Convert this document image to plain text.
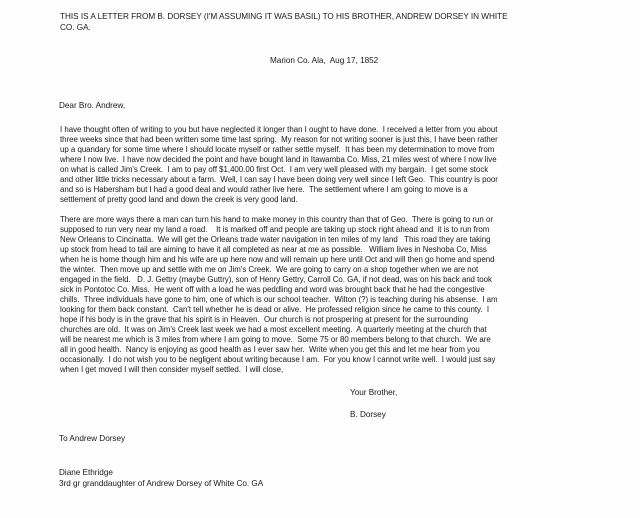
THIS IS A LETTER FROM B. DORSEY (I'M ASSUMING IT WAS BASIL) TO HIS BROTHER, ANDREW DORSEY IN WHITE
CO. GA.
Marion Co. Ala,  Aug 17, 1852
Dear Bro. Andrew,
I have thought often of writing to you but have neglected it longer than I ought to have done.  I received a letter from you about
three weeks since that had been written some time last spring.  My reason for not writing sooner is just this, I have been rather
up a quandary for some time where I should locate myself or rather settle myself.  It has been my determination to move from
where I now live.  I have now decided the point and have bought land in Itawamba Co. Miss, 21 miles west of where I now live
on what is called Jim's Creek.  I am to pay off $1,400.00 first Oct.  I am very well pleased with my bargain.  I get some stock
and other little tricks necessary about a farm.  Well, I can say I have been doing very well since I left Geo.  This country is poor
and so is Habersham but I had a good deal and would rather live here.  The settlement where I am going to move is a
settlement of pretty good land and down the creek is very good land.
There are more ways there a man can turn his hand to make money in this country than that of Geo.  There is going to run or
supposed to run very near my land a road.    It is marked off and people are taking up stock right ahead and  it is to run from
New Orleans to Cincinatta.  We will get the Orleans trade water navigation in ten miles of my land   This road they are taking
up stock from head to tail are aiming to have it all completed as near at me as possible.   William lives in Neshoba Co, Miss
when he is home though him and his wife are up here now and will remain up here until Oct and will then go home and spend
the winter.  Then move up and settle with me on Jim's Creek.  We are going to carry on a shop together when we are not
engaged in the field.   D. J. Gettry (maybe Guttry), son of Henry Gettry, Carroll Co. GA, if not dead, was on his back and took
sick in Pontotoc Co. Miss.  He went off with a load he was peddling and word was brought back that he had the congestive
chills.  Three individuals have gone to him, one of which is our school teacher.  Wilton (?) is teaching during his absense.  I am
looking for them back constant.  Can't tell whether he is dead or alive.  He professed religion since he came to this county.  I
hope if his body is in the grave that his spirit is in Heaven.  Our church is not prospering at present for the surrounding
churches are old.  It was on Jim's Creek last week we had a most excellent meeting.  A quarterly meeting at the church that
will be nearest me which is 3 miles from where I am going to move.  Some 75 or 80 members belong to that church.  We are
all in good health.  Nancy is enjoying as good health as I ever saw her.  Write when you get this and let me hear from you
occasionally.  I do not wish you to be negligent about writing because I am.  For you know I cannot write well.  I would just say
when I get moved I will then consider myself settled.  I will close,
Your Brother,
B. Dorsey
To Andrew Dorsey
Diane Ethridge
3rd gr granddaughter of Andrew Dorsey of White Co. GA
